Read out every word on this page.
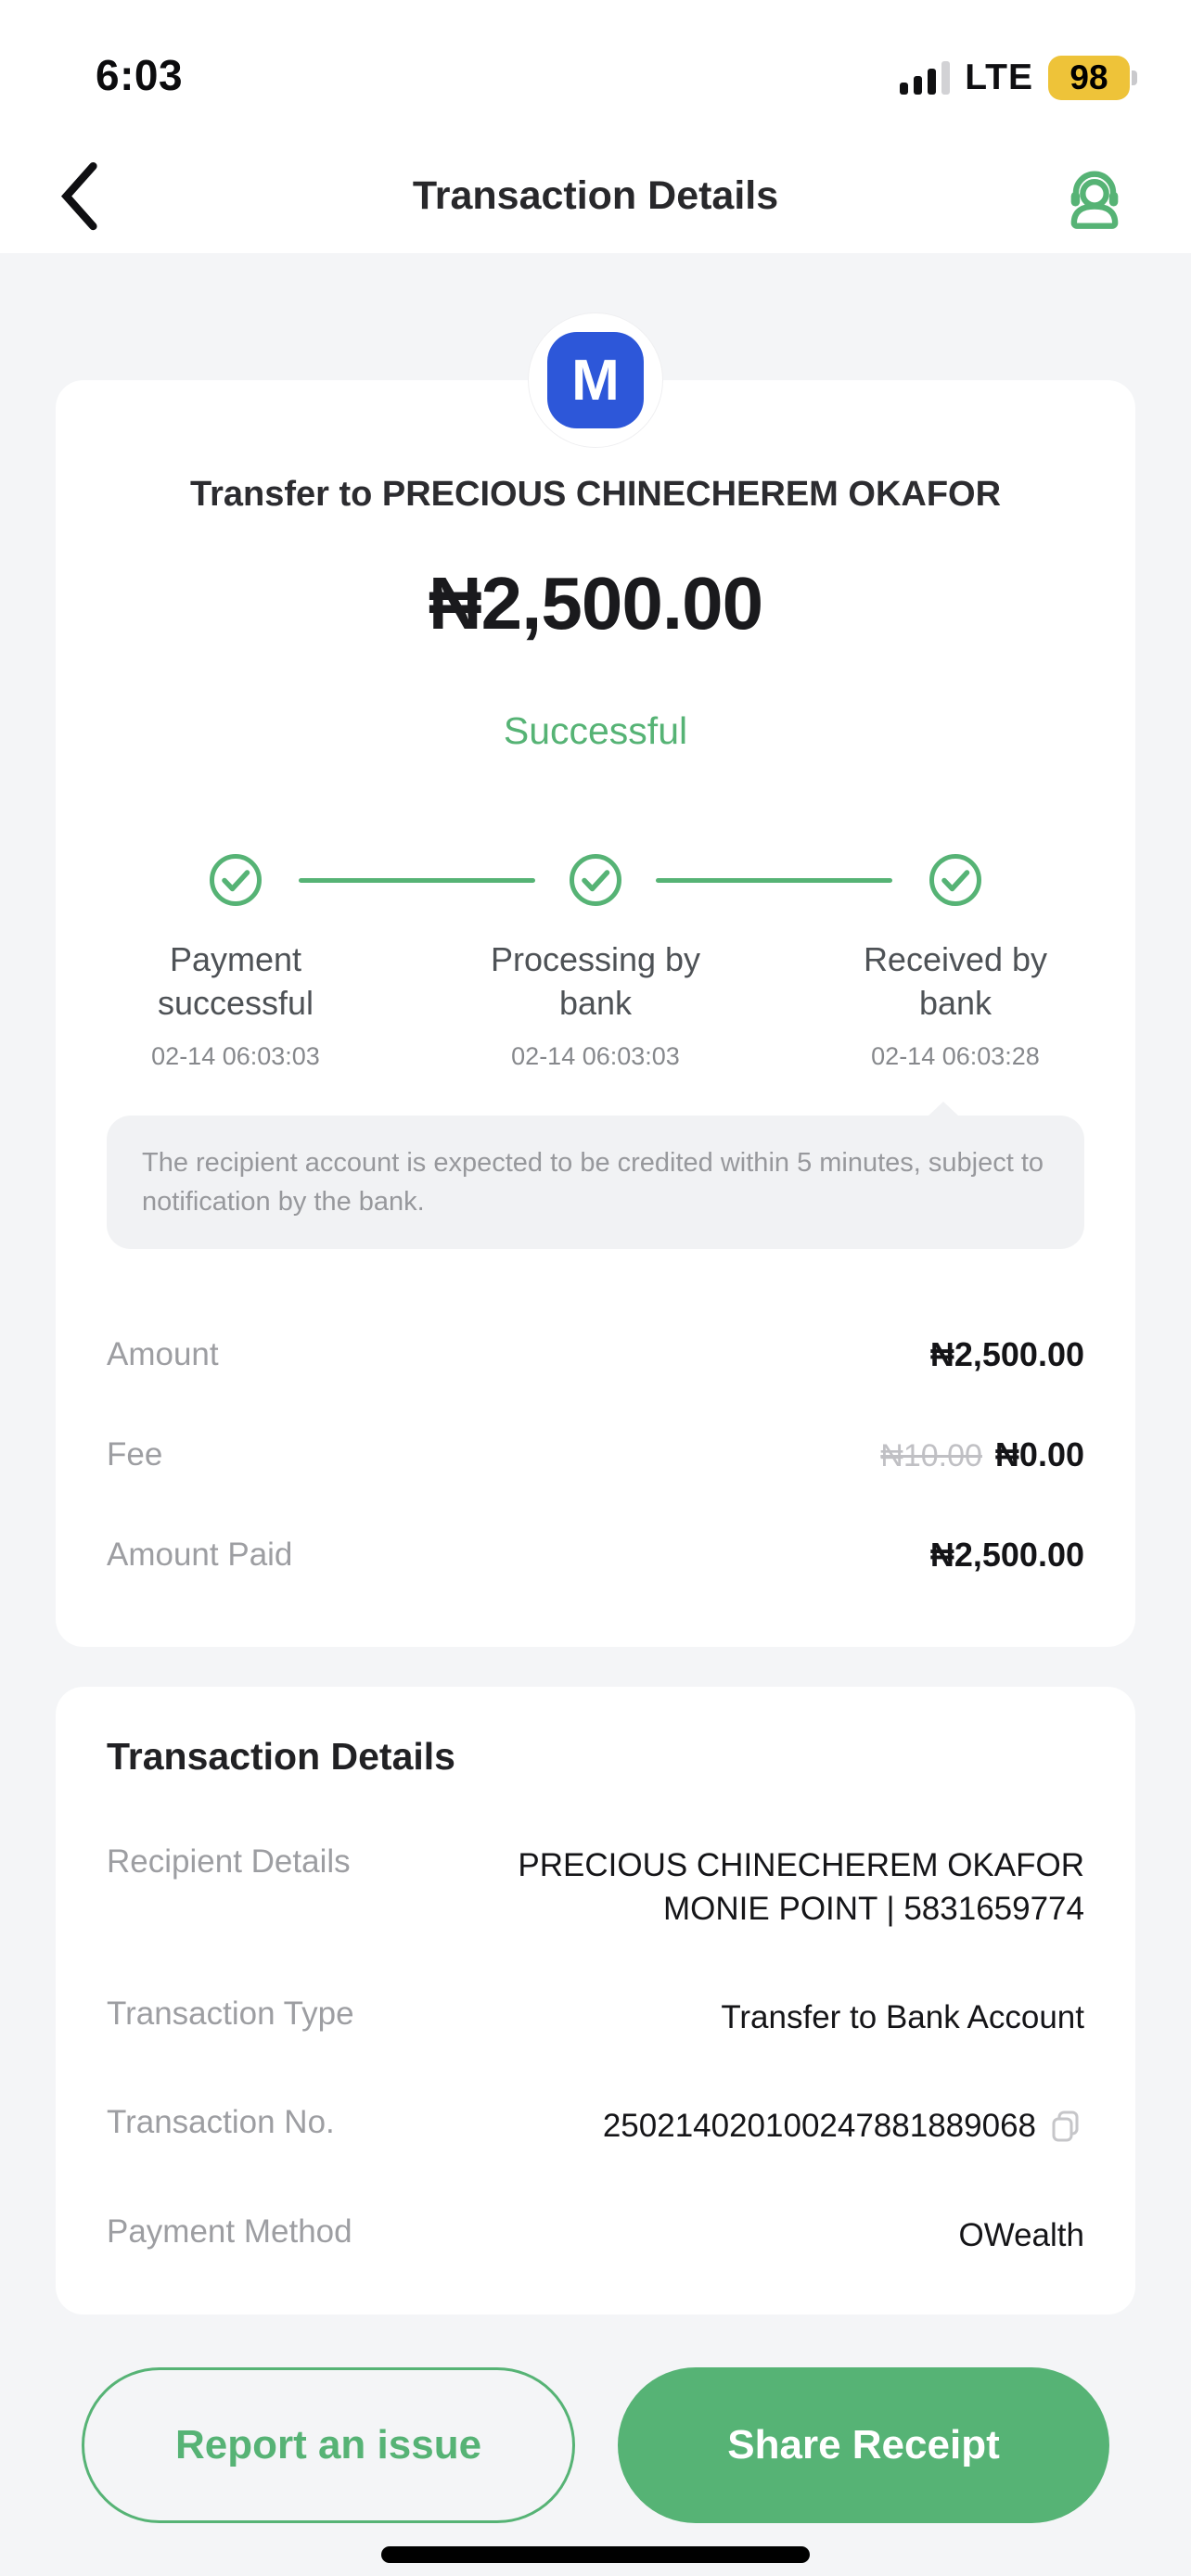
6:03	LTE	98
Transaction Details
M
Transfer to PRECIOUS CHINECHEREM OKAFOR
₦2,500.00
Successful
Payment successful
02-14 06:03:03
Processing by bank
02-14 06:03:03
Received by bank
02-14 06:03:28
The recipient account is expected to be credited within 5 minutes, subject to notification by the bank.
Amount	₦2,500.00
Fee	₦10.00 ₦0.00
Amount Paid	₦2,500.00
Transaction Details
Recipient Details	PRECIOUS CHINECHEREM OKAFOR
MONIE POINT | 5831659774
Transaction Type	Transfer to Bank Account
Transaction No.	250214020100247881889068
Payment Method	OWealth
Report an issue	Share Receipt
